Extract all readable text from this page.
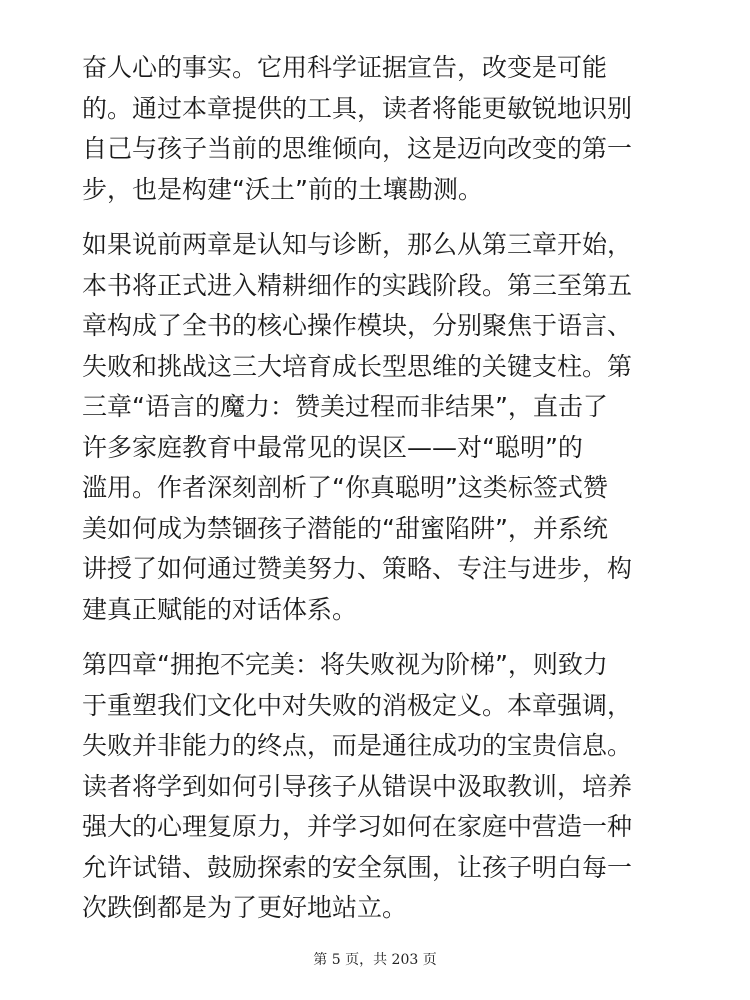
奋人心的事实。它用科学证据宣告，改变是可能
的。通过本章提供的工具，读者将能更敏锐地识别
自己与孩子当前的思维倾向，这是迈向改变的第一
步，也是构建“沃土”前的土壤勘测。

如果说前两章是认知与诊断，那么从第三章开始，
本书将正式进入精耕细作的实践阶段。第三至第五
章构成了全书的核心操作模块，分别聚焦于语言、
失败和挑战这三大培育成长型思维的关键支柱。第
三章“语言的魔力：赞美过程而非结果”，直击了
许多家庭教育中最常见的误区——对“聪明”的
滥用。作者深刻剖析了“你真聪明”这类标签式赞
美如何成为禁锢孩子潜能的“甜蜜陷阱”，并系统
讲授了如何通过赞美努力、策略、专注与进步，构
建真正赋能的对话体系。

第四章“拥抱不完美：将失败视为阶梯”，则致力
于重塑我们文化中对失败的消极定义。本章强调，
失败并非能力的终点，而是通往成功的宝贵信息。
读者将学到如何引导孩子从错误中汲取教训，培养
强大的心理复原力，并学习如何在家庭中营造一种
允许试错、鼓励探索的安全氛围，让孩子明白每一
次跌倒都是为了更好地站立。

第 5 页，共 203 页
